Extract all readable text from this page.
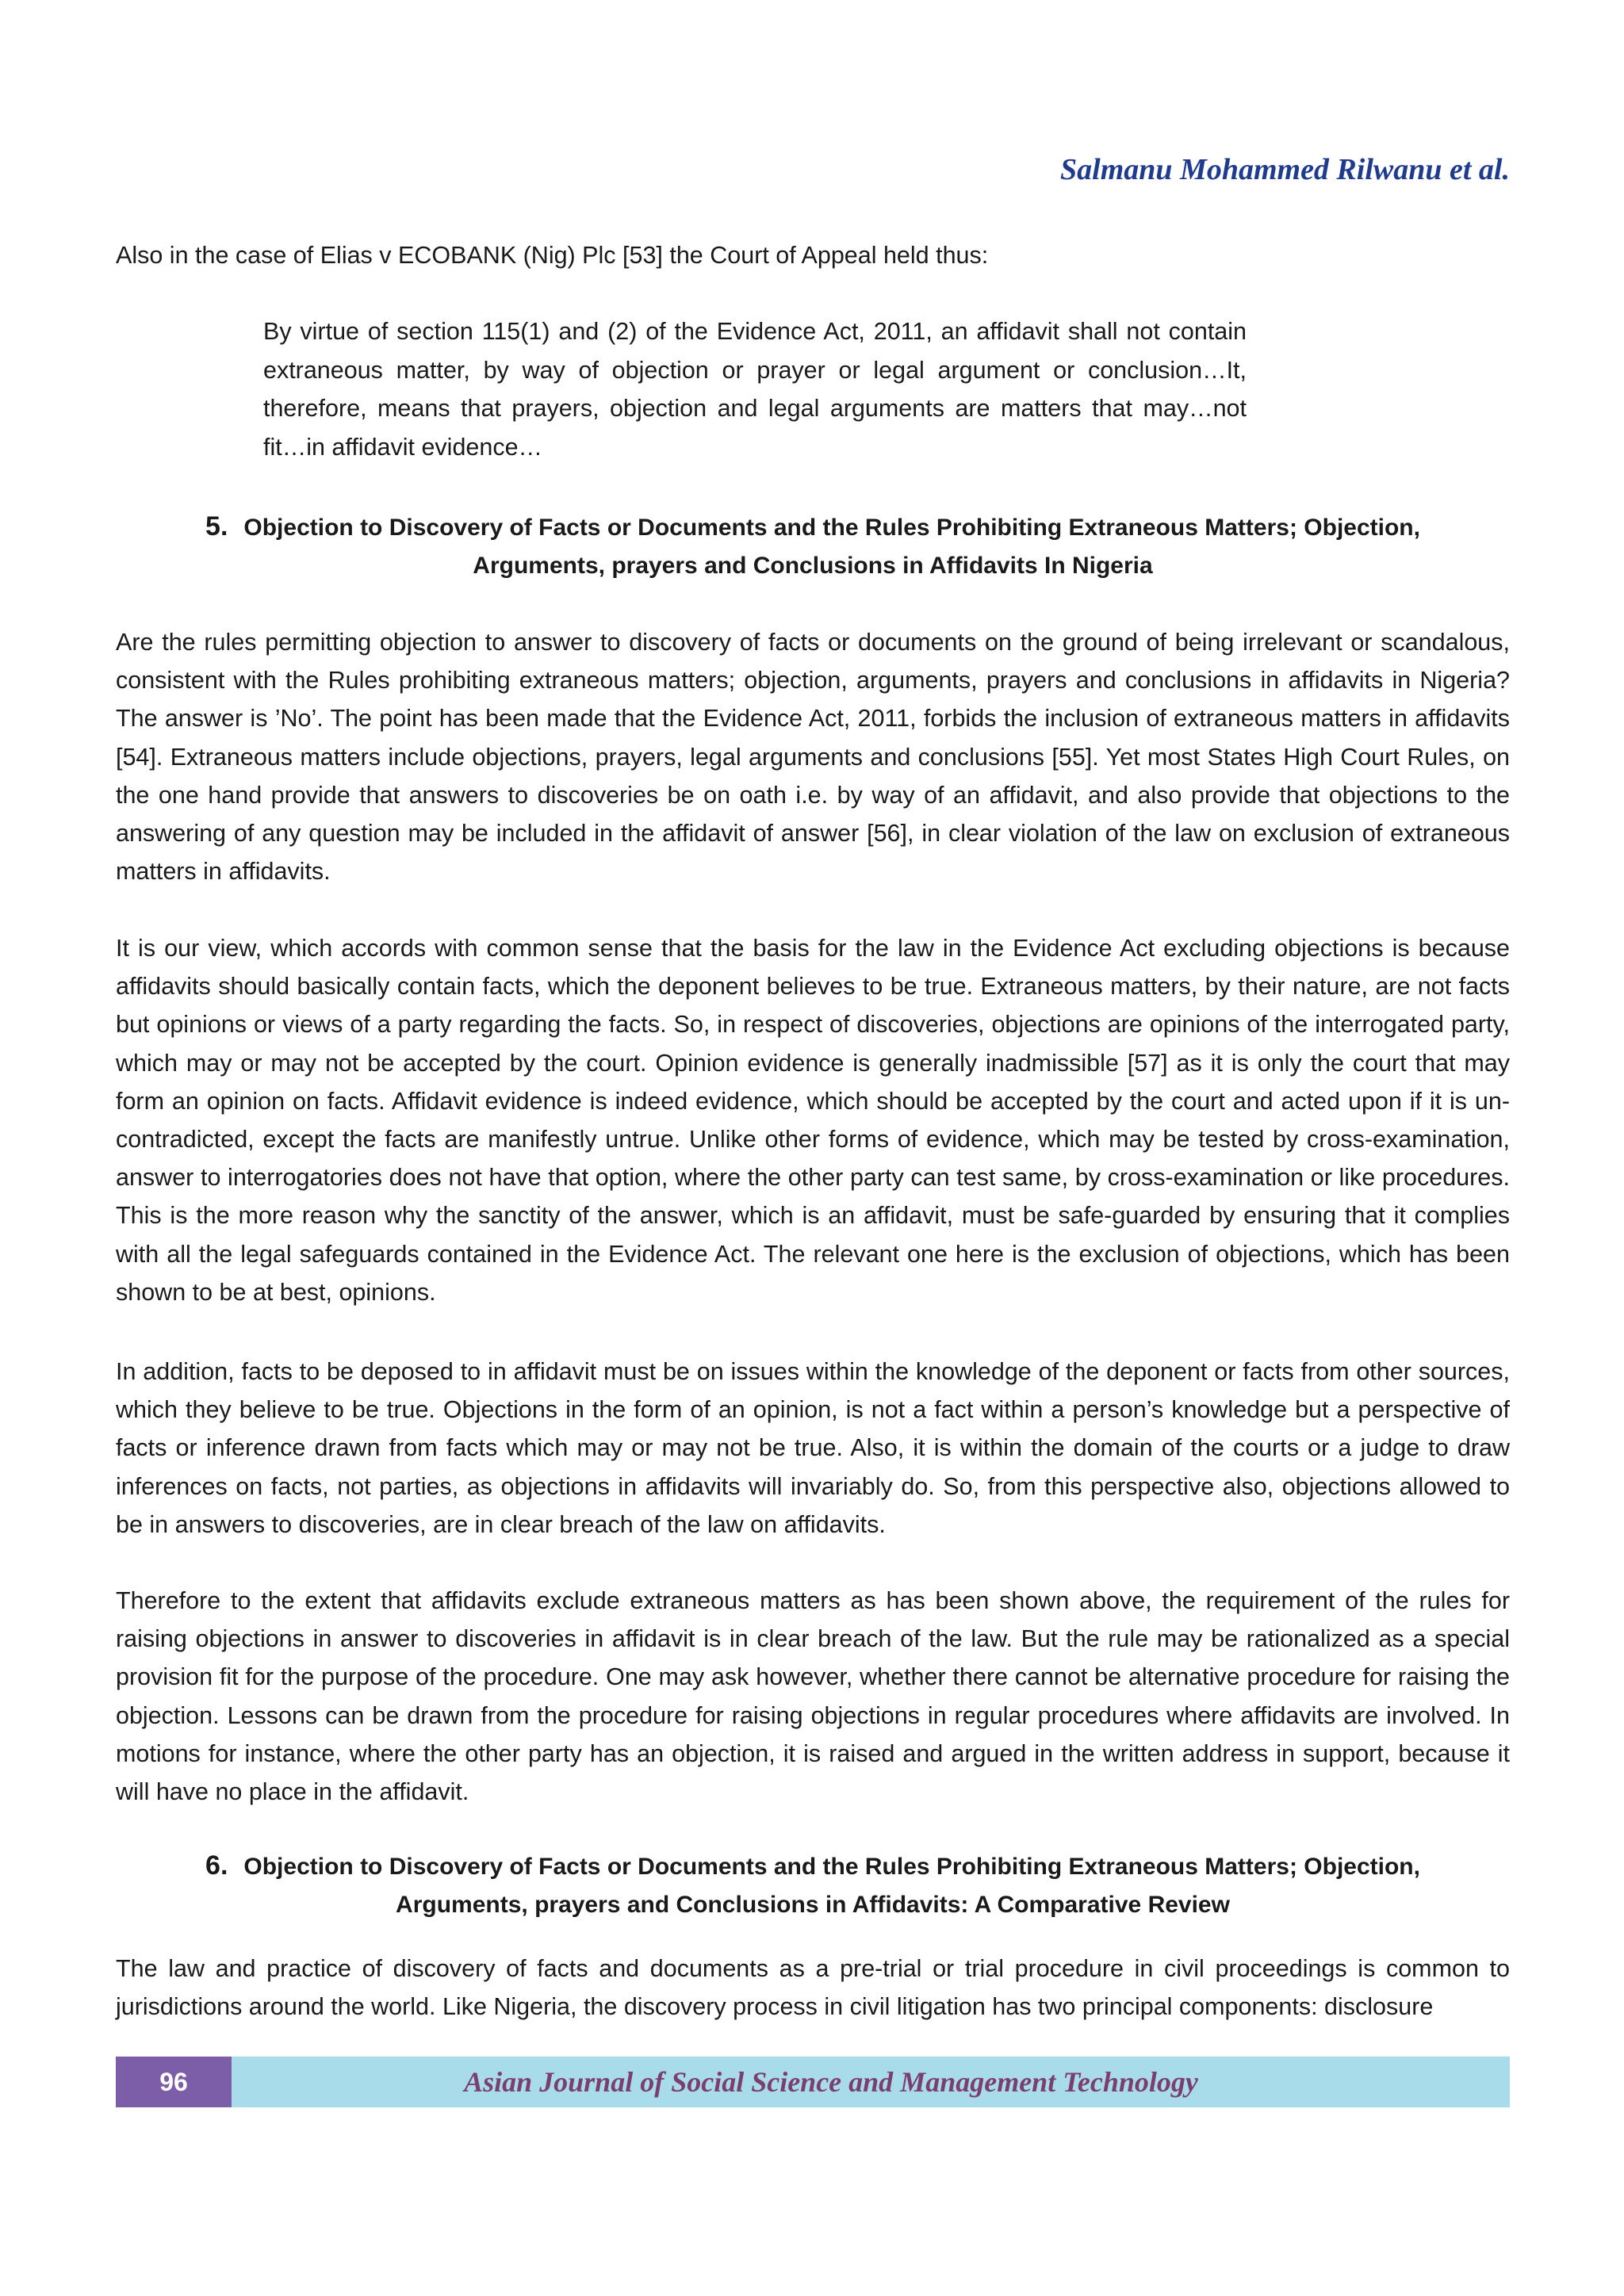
Salmanu Mohammed Rilwanu et al.
Also in the case of Elias v ECOBANK (Nig) Plc [53] the Court of Appeal held thus:
By virtue of section 115(1) and (2) of the Evidence Act, 2011, an affidavit shall not contain extraneous matter, by way of objection or prayer or legal argument or conclusion…It, therefore, means that prayers, objection and legal arguments are matters that may…not fit…in affidavit evidence…
5. Objection to Discovery of Facts or Documents and the Rules Prohibiting Extraneous Matters; Objection,
Arguments, prayers and Conclusions in Affidavits In Nigeria
Are the rules permitting objection to answer to discovery of facts or documents on the ground of being irrelevant or scandalous, consistent with the Rules prohibiting extraneous matters; objection, arguments, prayers and conclusions in affidavits in Nigeria? The answer is ’No’. The point has been made that the Evidence Act, 2011, forbids the inclusion of extraneous matters in affidavits [54]. Extraneous matters include objections, prayers, legal arguments and conclusions [55]. Yet most States High Court Rules, on the one hand provide that answers to discoveries be on oath i.e. by way of an affidavit, and also provide that objections to the answering of any question may be included in the affidavit of answer [56], in clear violation of the law on exclusion of extraneous matters in affidavits.
It is our view, which accords with common sense that the basis for the law in the Evidence Act excluding objections is because affidavits should basically contain facts, which the deponent believes to be true. Extraneous matters, by their nature, are not facts but opinions or views of a party regarding the facts. So, in respect of discoveries, objections are opinions of the interrogated party, which may or may not be accepted by the court. Opinion evidence is generally inadmissible [57] as it is only the court that may form an opinion on facts. Affidavit evidence is indeed evidence, which should be accepted by the court and acted upon if it is un-contradicted, except the facts are manifestly untrue. Unlike other forms of evidence, which may be tested by cross-examination, answer to interrogatories does not have that option, where the other party can test same, by cross-examination or like procedures. This is the more reason why the sanctity of the answer, which is an affidavit, must be safe-guarded by ensuring that it complies with all the legal safeguards contained in the Evidence Act. The relevant one here is the exclusion of objections, which has been shown to be at best, opinions.
In addition, facts to be deposed to in affidavit must be on issues within the knowledge of the deponent or facts from other sources, which they believe to be true. Objections in the form of an opinion, is not a fact within a person’s knowledge but a perspective of facts or inference drawn from facts which may or may not be true. Also, it is within the domain of the courts or a judge to draw inferences on facts, not parties, as objections in affidavits will invariably do. So, from this perspective also, objections allowed to be in answers to discoveries, are in clear breach of the law on affidavits.
Therefore to the extent that affidavits exclude extraneous matters as has been shown above, the requirement of the rules for raising objections in answer to discoveries in affidavit is in clear breach of the law. But the rule may be rationalized as a special provision fit for the purpose of the procedure. One may ask however, whether there cannot be alternative procedure for raising the objection. Lessons can be drawn from the procedure for raising objections in regular procedures where affidavits are involved. In motions for instance, where the other party has an objection, it is raised and argued in the written address in support, because it will have no place in the affidavit.
6. Objection to Discovery of Facts or Documents and the Rules Prohibiting Extraneous Matters; Objection,
Arguments, prayers and Conclusions in Affidavits: A Comparative Review
The law and practice of discovery of facts and documents as a pre-trial or trial procedure in civil proceedings is common to jurisdictions around the world. Like Nigeria, the discovery process in civil litigation has two principal components: disclosure
96	Asian Journal of Social Science and Management Technology
